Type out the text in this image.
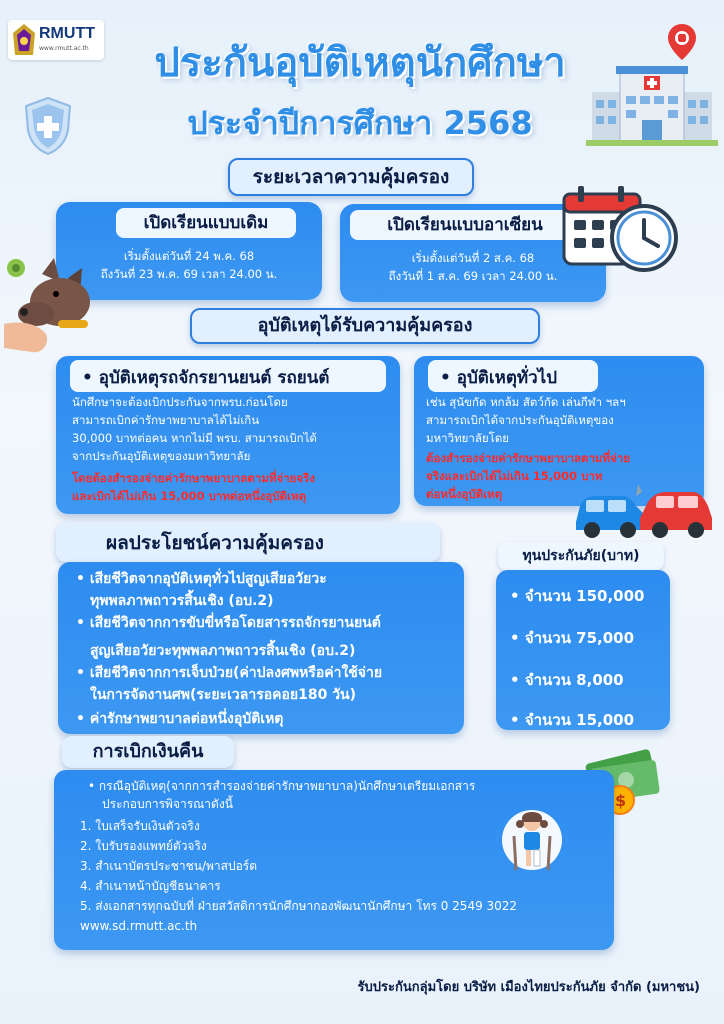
RMUTT
www.rmutt.ac.th	ประกันอุบัติเหตุนักศึกษา
ประจำปีการศึกษา 2568
ระยะเวลาความคุ้มครอง
เปิดเรียนแบบเดิม
เริ่มตั้งแต่วันที่ 24 พ.ค. 68
ถึงวันที่ 23 พ.ค. 69 เวลา 24.00 น.
เปิดเรียนแบบอาเซียน
เริ่มตั้งแต่วันที่ 2 ส.ค. 68
ถึงวันที่ 1 ส.ค. 69 เวลา 24.00 น.
อุบัติเหตุได้รับความคุ้มครอง
• อุบัติเหตุรถจักรยานยนต์ รถยนต์
นักศึกษาจะต้องเบิกประกันจากพรบ.ก่อนโดย
สามารถเบิกค่ารักษาพยาบาลได้ไม่เกิน
30,000 บาทต่อคน หากไม่มี พรบ. สามารถเบิกได้
จากประกันอุบัติเหตุของมหาวิทยาลัย
โดยต้องสำรองจ่ายค่ารักษาพยาบาลตามที่จ่ายจริง
และเบิกได้ไม่เกิน 15,000 บาทต่อหนึ่งอุบัติเหตุ
• อุบัติเหตุทั่วไป
เช่น สุนัขกัด หกล้ม สัตว์กัด เล่นกีฬา ฯลฯ
สามารถเบิกได้จากประกันอุบัติเหตุของ
มหาวิทยาลัยโดย
ต้องสำรองจ่ายค่ารักษาพยาบาลตามที่จ่าย
จริงและเบิกได้ไม่เกิน 15,000 บาท
ต่อหนึ่งอุบัติเหตุ
ผลประโยชน์ความคุ้มครอง
• เสียชีวิตจากอุบัติเหตุทั่วไปสูญเสียอวัยวะ
ทุพพลภาพถาวรสิ้นเชิง (อบ.2)
• เสียชีวิตจากการขับขี่หรือโดยสารรถจักรยานยนต์
สูญเสียอวัยวะทุพพลภาพถาวรสิ้นเชิง (อบ.2)
• เสียชีวิตจากการเจ็บป่วย(ค่าปลงศพหรือค่าใช้จ่าย
ในการจัดงานศพ(ระยะเวลารอคอย180 วัน)
• ค่ารักษาพยาบาลต่อหนึ่งอุบัติเหตุ
ทุนประกันภัย(บาท)
• จำนวน 150,000
• จำนวน 75,000
• จำนวน 8,000
• จำนวน 15,000
การเบิกเงินคืน
$
• กรณีอุบัติเหตุ(จากการสำรองจ่ายค่ารักษาพยาบาล)นักศึกษาเตรียมเอกสาร
ประกอบการพิจารณาดังนี้
1. ใบเสร็จรับเงินตัวจริง
2. ใบรับรองแพทย์ตัวจริง
3. สำเนาบัตรประชาชน/พาสปอร์ต
4. สำเนาหน้าบัญชีธนาคาร
5. ส่งเอกสารทุกฉบับที่ ฝ่ายสวัสดิการนักศึกษากองพัฒนานักศึกษา โทร 0 2549 3022
www.sd.rmutt.ac.th
รับประกันกลุ่มโดย บริษัท เมืองไทยประกันภัย จำกัด (มหาชน)
